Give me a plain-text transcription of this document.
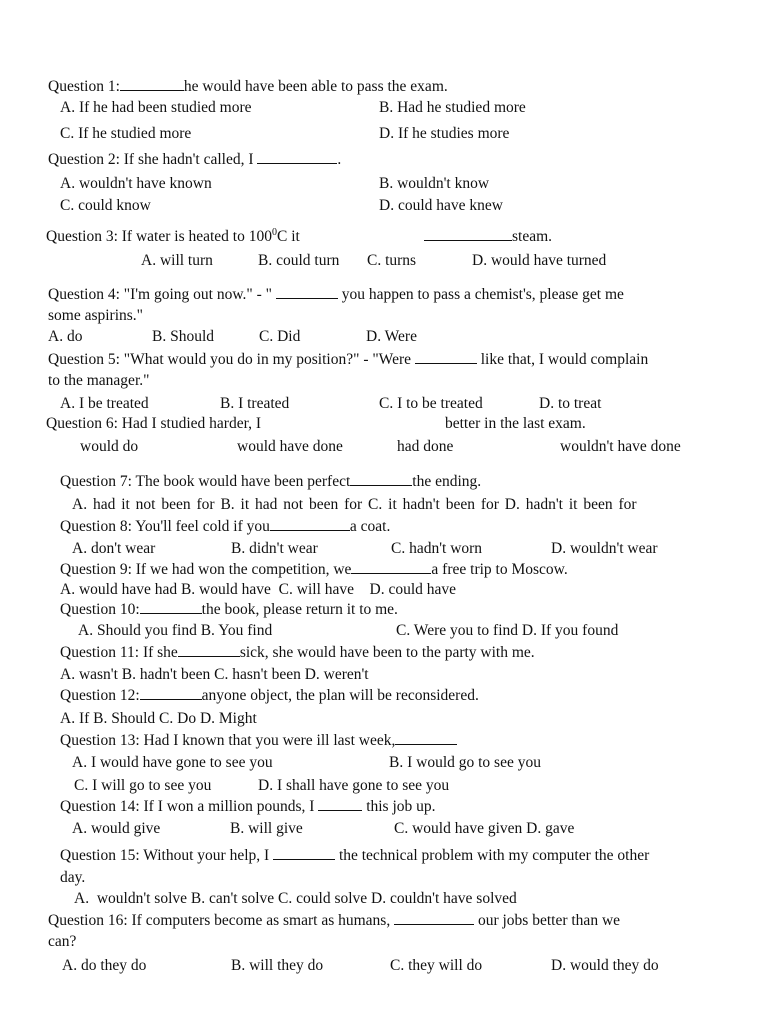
Question 1:	he would have been able to pass the exam.
A. If he had been studied more	B. Had he studied more
C. If he studied more	D. If he studies more
Question 2: If she hadn't called, I	.
A. wouldn't have known	B. wouldn't know
C. could know	D. could have knew
Question 3: If water is heated to $100^0C$ it	steam.
A. will turn	B. could turn C. turns	D. would have turned
Question 4: "I'm going out now." - "	you happen to pass a chemist's, please get me
some aspirins."
A. do	B. Should	C. Did	D. Were
Question 5: "What would you do in my position?" - "Were	like that, I would complain
to the manager."
A. I be treated	B. I treated	C. I to be treated	D. to treat
Question 6: Had I studied harder, I	better in the last exam.
would do	would have done	had done	wouldn't have done
Question 7: The book would have been perfect	the ending.
A. had it not been for B. it had not been for C. it hadn't been for D. hadn't it been for
Question 8: You'll feel cold if you	a coat.
A. don't wear	B. didn't wear	C. hadn't worn	D. wouldn't wear
Question 9: If we had won the competition, we	a free trip to Moscow.
A. would have had B. would have  C. will have    D. could have
Question 10:	the book, please return it to me.
A. Should you find B. You find	C. Were you to find D. If you found
Question 11: If she	sick, she would have been to the party with me.
A. wasn't B. hadn't been C. hasn't been D. weren't
Question 12:	anyone object, the plan will be reconsidered.
A. If B. Should C. Do D. Might
Question 13: Had I known that you were ill last week,
A. I would have gone to see you	B. I would go to see you
C. I will go to see you	D. I shall have gone to see you
Question 14: If I won a million pounds, I	this job up.
A. would give	B. will give	C. would have given D. gave
Question 15: Without your help, I	the technical problem with my computer the other
day.
A.  wouldn't solve B. can't solve C. could solve D. couldn't have solved
Question 16: If computers become as smart as humans,	our jobs better than we
can?
A. do they do	B. will they do	C. they will do	D. would they do
